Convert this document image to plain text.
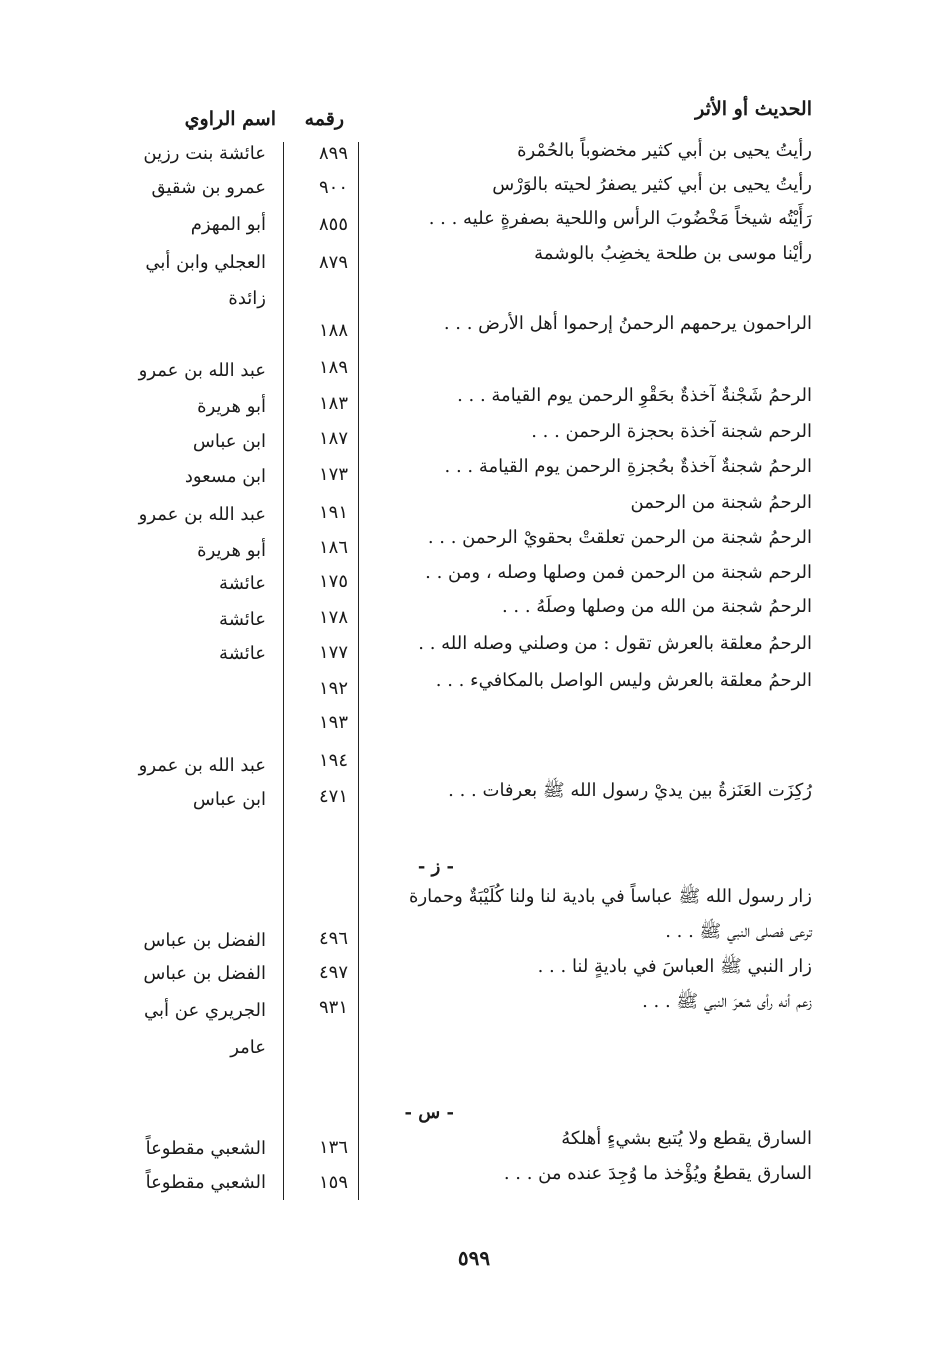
الحديث أو الأثر
رقمه
اسم الراوي
رأيتُ يحيى بن أبي كثير مخضوباً بالحُمْرة
٨٩٩
عائشة بنت رزين
رأيتُ يحيى بن أبي كثير يصفرُ لحيته بالوَرْس
٩٠٠
عمرو بن شقيق
رَأَيْتُه شيخاً مَخْضُوبَ الرأس واللحية بصفرةٍ عليه . . .
٨٥٥
أبو المهزم
رأيْنا موسى بن طلحة يخضِبُ بالوشمة
٨٧٩
العجلي وابن أبي
زائدة
الراحمون يرحمهم الرحمنُ إرحموا أهل الأرض . . .
١٨٨
١٨٩
عبد الله بن عمرو
الرحمُ شَجْنةٌ آخذةٌ بحَقْوِ الرحمن يوم القيامة . . .
١٨٣
أبو هريرة
الرحم شجنة آخذة بحجزة الرحمن . . .
١٨٧
ابن عباس
الرحمُ شجنةٌ آخذةٌ بحُجزةِ الرحمن يوم القيامة . . .
١٧٣
ابن مسعود
الرحمُ شجنة من الرحمن
١٩١
عبد الله بن عمرو
الرحمُ شجنة من الرحمن تعلقتْ بحقويْ الرحمن . . .
١٨٦
أبو هريرة
الرحم شجنة من الرحمن فمن وصلها وصله ، ومن . .
١٧٥
عائشة
الرحمُ شجنة من الله من وصلها وصلَهُ . . .
١٧٨
عائشة
الرحمُ معلقة بالعرش تقول : من وصلني وصله الله . .
١٧٧
عائشة
الرحمُ معلقة بالعرش وليس الواصل بالمكافيء . . .
١٩٢
١٩٣
١٩٤
عبد الله بن عمرو
رُكِزَت العَنَزةُ بين يديْ رسول الله ﷺ بعرفات . . .
٤٧١
ابن عباس
- ز -
زار رسول الله ﷺ عباساً في بادية لنا ولنا كُلَيْبَةٌ وحمارة
ترعى فصلى النبي ﷺ . . .
٤٩٦
الفضل بن عباس
زار النبي ﷺ العباسَ في باديةٍ لنا . . .
٤٩٧
الفضل بن عباس
زعم أنه رأى شعرَ النبي ﷺ . . .
٩٣١
الجريري عن أبي
عامر
- س -
السارق يقطع ولا يُتبع بشيءٍ أهلكهُ
١٣٦
الشعبي مقطوعاً
السارق يقطعُ ويُؤْخذ ما وُجِدَ عنده من . . .
١٥٩
الشعبي مقطوعاً
٥٩٩
